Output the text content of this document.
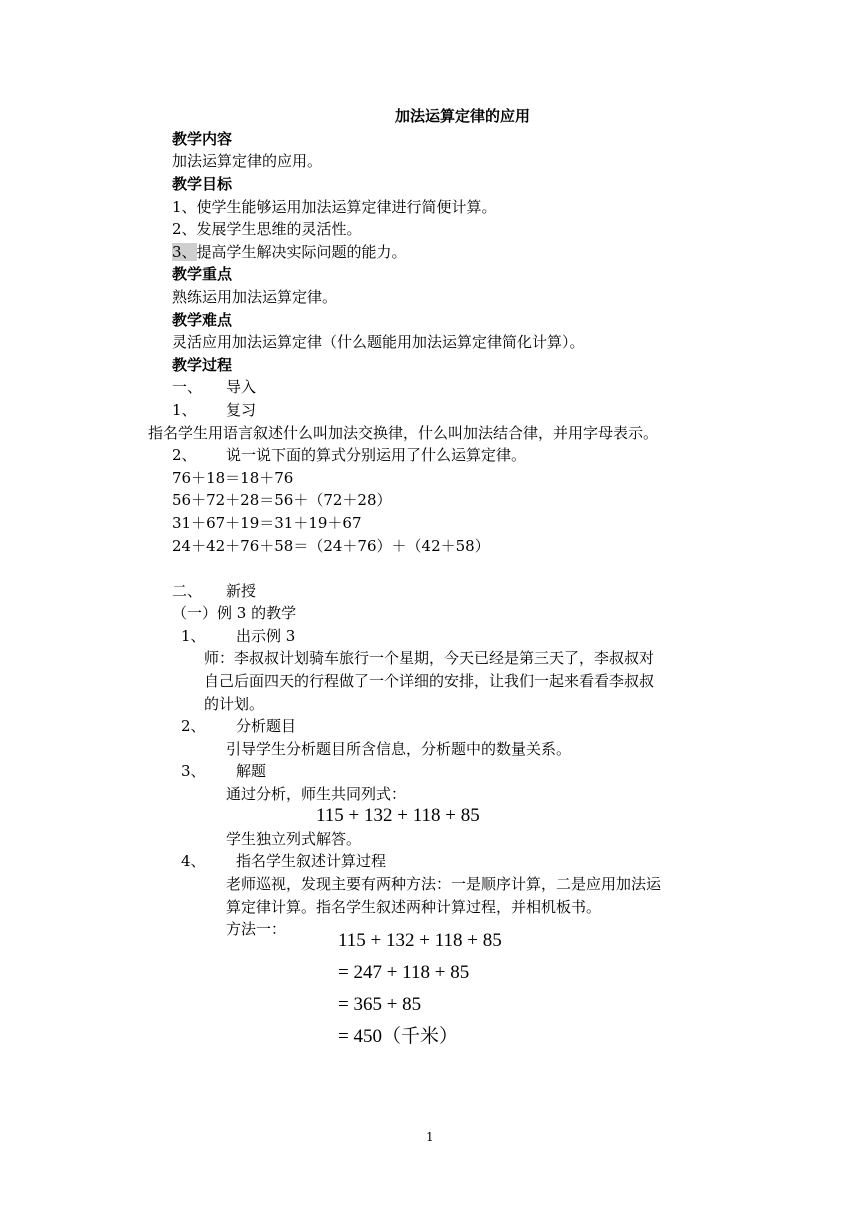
加法运算定律的应用
教学内容
加法运算定律的应用。
教学目标
1、使学生能够运用加法运算定律进行简便计算。
2、发展学生思维的灵活性。
3、提高学生解决实际问题的能力。
教学重点
熟练运用加法运算定律。
教学难点
灵活应用加法运算定律（什么题能用加法运算定律简化计算）。
教学过程
一、 导入
1、 复习
指名学生用语言叙述什么叫加法交换律，什么叫加法结合律，并用字母表示。
2、 说一说下面的算式分别运用了什么运算定律。
76＋18＝18＋76
56＋72＋28＝56＋（72＋28）
31＋67＋19＝31＋19＋67
24＋42＋76＋58＝（24＋76）＋（42＋58）
二、 新授
（一）例 3 的教学
1、 出示例 3
师：李叔叔计划骑车旅行一个星期，今天已经是第三天了，李叔叔对
自己后面四天的行程做了一个详细的安排，让我们一起来看看李叔叔
的计划。
2、 分析题目
引导学生分析题目所含信息，分析题中的数量关系。
3、 解题
通过分析，师生共同列式：
115 + 132 + 118 + 85
学生独立列式解答。
4、 指名学生叙述计算过程
老师巡视，发现主要有两种方法：一是顺序计算，二是应用加法运
算定律计算。指名学生叙述两种计算过程，并相机板书。
方法一：
115 + 132 + 118 + 85
= 247 + 118 + 85
= 365 + 85
= 450（千米）
1
